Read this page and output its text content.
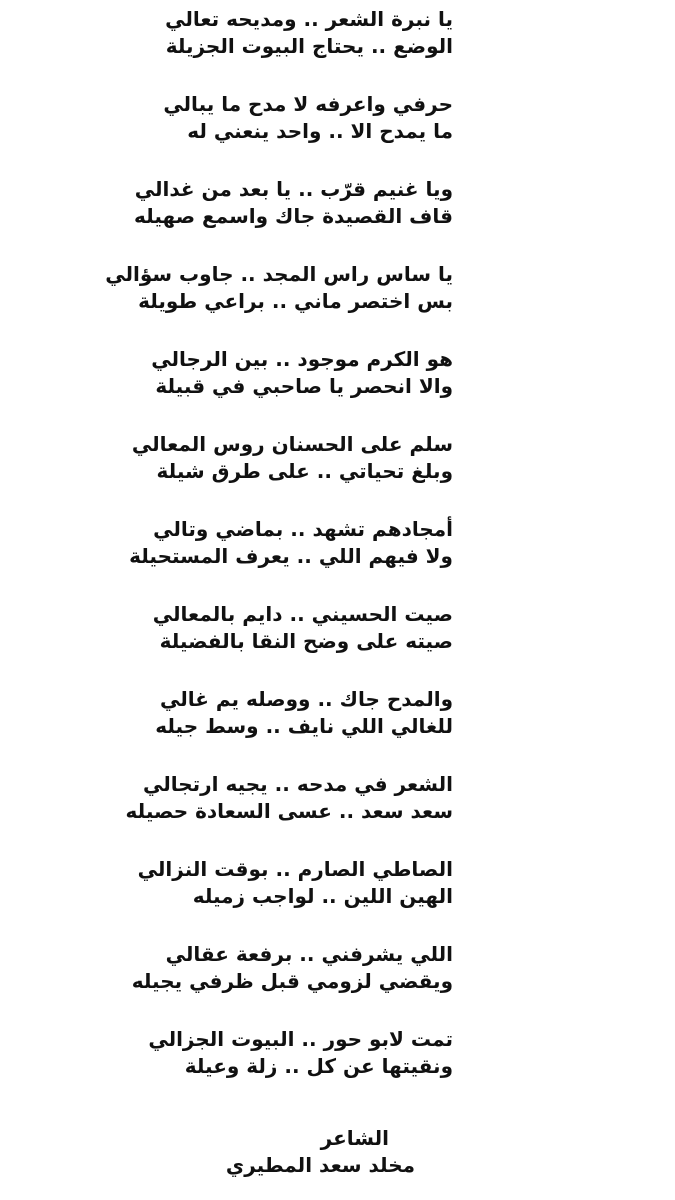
يا نبرة الشعر .. ومديحه تعالي
الوضع .. يحتاج البيوت الجزيلة
حرفي واعرفه لا مدح ما يبالي
ما يمدح الا .. واحد ينعني له
ويا غنيم قرّب .. يا بعد من غدالي
قاف القصيدة جاك واسمع صهيله
يا ساس راس المجد .. جاوب سؤالي
بس اختصر ماني .. براعي طويلة
هو الكرم موجود .. بين الرجالي
والا انحصر يا صاحبي في قبيلة
سلم على الحسنان روس المعالي
وبلغ تحياتي .. على طرق شيلة
أمجادهم تشهد .. بماضي وتالي
ولا فيهم اللي .. يعرف المستحيلة
صيت الحسيني .. دايم بالمعالي
صيته على وضح النقا بالفضيلة
والمدح جاك .. ووصله يم غالي
للغالي اللي نايف .. وسط جيله
الشعر في مدحه .. يجيه ارتجالي
سعد سعد .. عسى السعادة حصيله
الصاطي الصارم .. بوقت النزالي
الهين اللين .. لواجب زميله
اللي يشرفني .. برفعة عقالي
ويقضي لزومي قبل ظرفي يجيله
تمت لابو حور .. البيوت الجزالي
ونقيتها عن كل .. زلة وعيلة
الشاعر
مخلد سعد المطيري
